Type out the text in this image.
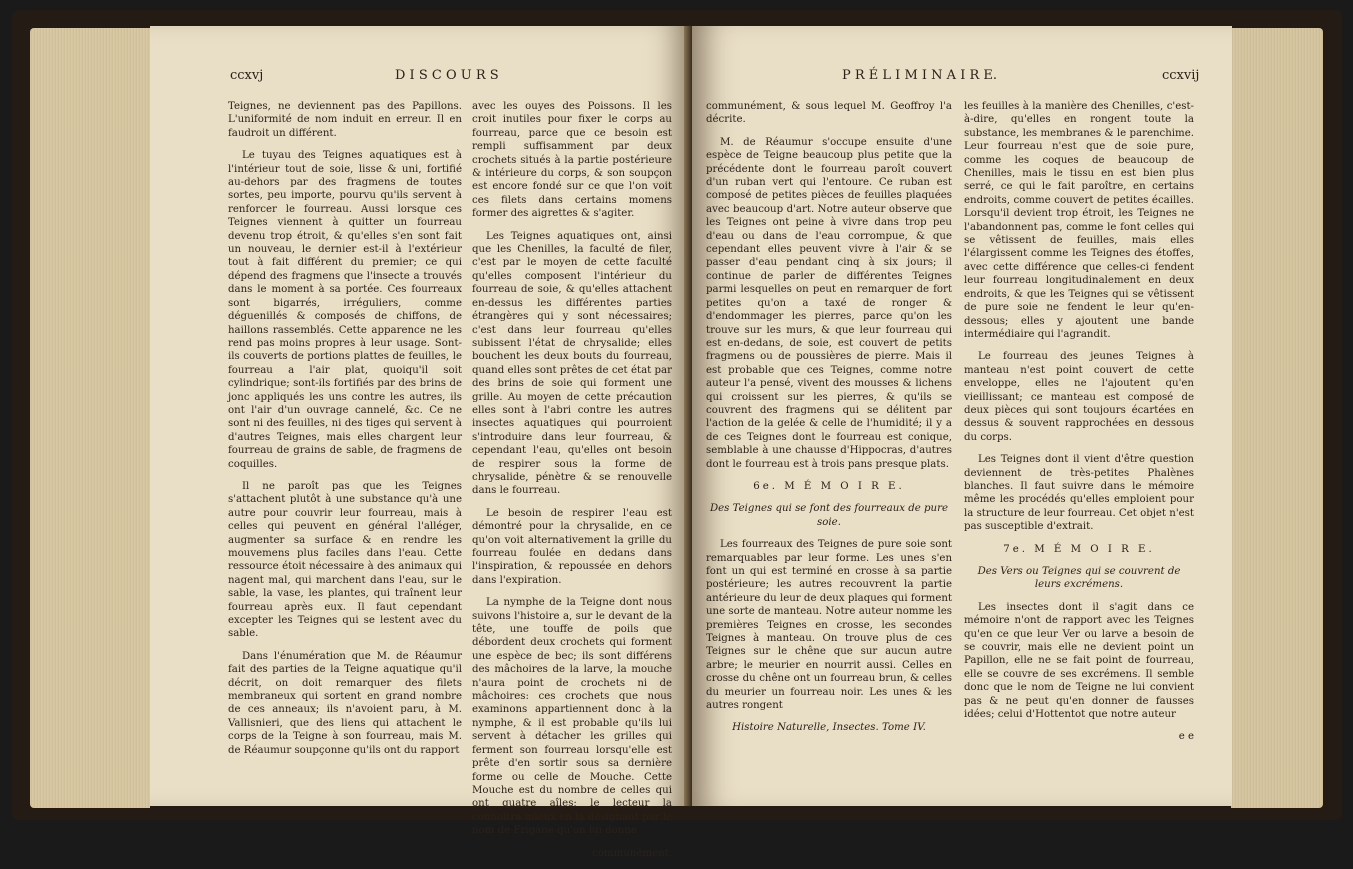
ccxvj	D I S C O U R S

Teignes, ne deviennent pas des Papillons. L'uniformité de nom induit en erreur. Il en faudroit un différent.

Le tuyau des Teignes aquatiques est à l'intérieur tout de soie, lisse & uni, fortifié au-dehors par des fragmens de toutes sortes, peu importe, pourvu qu'ils servent à renforcer le fourreau. Aussi lorsque ces Teignes viennent à quitter un fourreau devenu trop étroit, & qu'elles s'en sont fait un nouveau, le dernier est-il à l'extérieur tout à fait différent du premier; ce qui dépend des fragmens que l'insecte a trouvés dans le moment à sa portée. Ces fourreaux sont bigarrés, irréguliers, comme déguenillés & composés de chiffons, de haillons rassemblés. Cette apparence ne les rend pas moins propres à leur usage. Sont-ils couverts de portions plattes de feuilles, le fourreau a l'air plat, quoiqu'il soit cylindrique; sont-ils fortifiés par des brins de jonc appliqués les uns contre les autres, ils ont l'air d'un ouvrage cannelé, &c. Ce ne sont ni des feuilles, ni des tiges qui servent à d'autres Teignes, mais elles chargent leur fourreau de grains de sable, de fragmens de coquilles.

Il ne paroît pas que les Teignes s'attachent plutôt à une substance qu'à une autre pour couvrir leur fourreau, mais à celles qui peuvent en général l'alléger, augmenter sa surface & en rendre les mouvemens plus faciles dans l'eau. Cette ressource étoit nécessaire à des animaux qui nagent mal, qui marchent dans l'eau, sur le sable, la vase, les plantes, qui traînent leur fourreau après eux. Il faut cependant excepter les Teignes qui se lestent avec du sable.

Dans l'énumération que M. de Réaumur fait des parties de la Teigne aquatique qu'il décrit, on doit remarquer des filets membraneux qui sortent en grand nombre de ces anneaux; ils n'avoient paru, à M. Vallisnieri, que des liens qui attachent le corps de la Teigne à son fourreau, mais M. de Réaumur soupçonne qu'ils ont du rapport

avec les ouyes des Poissons. Il les croit inutiles pour fixer le corps au fourreau, parce que ce besoin est rempli suffisamment par deux crochets situés à la partie postérieure & intérieure du corps, & son soupçon est encore fondé sur ce que l'on voit ces filets dans certains momens former des aigrettes & s'agiter.

Les Teignes aquatiques ont, ainsi que les Chenilles, la faculté de filer, c'est par le moyen de cette faculté qu'elles composent l'intérieur du fourreau de soie, & qu'elles attachent en-dessus les différentes parties étrangères qui y sont nécessaires; c'est dans leur fourreau qu'elles subissent l'état de chrysalide; elles bouchent les deux bouts du fourreau, quand elles sont prêtes de cet état par des brins de soie qui forment une grille. Au moyen de cette précaution elles sont à l'abri contre les autres insectes aquatiques qui pourroient s'introduire dans leur fourreau, & cependant l'eau, qu'elles ont besoin de respirer sous la forme de chrysalide, pénètre & se renouvelle dans le fourreau.

Le besoin de respirer l'eau est démontré pour la chrysalide, en ce qu'on voit alternativement la grille du fourreau foulée en dedans dans l'inspiration, & repoussée en dehors dans l'expiration.

La nymphe de la Teigne dont nous suivons l'histoire a, sur le devant de la tête, une touffe de poils que débordent deux crochets qui forment une espèce de bec; ils sont différens des mâchoires de la larve, la mouche n'aura point de crochets ni de mâchoires: ces crochets que nous examinons appartiennent donc à la nymphe, & il est probable qu'ils lui servent à détacher les grilles qui ferment son fourreau lorsqu'elle est prête d'en sortir sous sa dernière forme ou celle de Mouche. Cette Mouche est du nombre de celles qui ont quatre aîles; le lecteur la connoîtra mieux en la désignant par le nom de Frigane qu'on lui donne

communément,

P R É L I M I N A I R E.	ccxvij

communément, & sous lequel M. Geoffroy l'a décrite.

M. de Réaumur s'occupe ensuite d'une espèce de Teigne beaucoup plus petite que la précédente dont le fourreau paroît couvert d'un ruban vert qui l'entoure. Ce ruban est composé de petites pièces de feuilles plaquées avec beaucoup d'art. Notre auteur observe que les Teignes ont peine à vivre dans trop peu d'eau ou dans de l'eau corrompue, & que cependant elles peuvent vivre à l'air & se passer d'eau pendant cinq à six jours; il continue de parler de différentes Teignes parmi lesquelles on peut en remarquer de fort petites qu'on a taxé de ronger & d'endommager les pierres, parce qu'on les trouve sur les murs, & que leur fourreau qui est en-dedans, de soie, est couvert de petits fragmens ou de poussières de pierre. Mais il est probable que ces Teignes, comme notre auteur l'a pensé, vivent des mousses & lichens qui croissent sur les pierres, & qu'ils se couvrent des fragmens qui se délitent par l'action de la gelée & celle de l'humidité; il y a de ces Teignes dont le fourreau est conique, semblable à une chausse d'Hippocras, d'autres dont le fourreau est à trois pans presque plats.

6e. M É M O I R E.

Des Teignes qui se font des fourreaux de pure soie.

Les fourreaux des Teignes de pure soie sont remarquables par leur forme. Les unes s'en font un qui est terminé en crosse à sa partie postérieure; les autres recouvrent la partie antérieure du leur de deux plaques qui forment une sorte de manteau. Notre auteur nomme les premières Teignes en crosse, les secondes Teignes à manteau. On trouve plus de ces Teignes sur le chêne que sur aucun autre arbre; le meurier en nourrit aussi. Celles en crosse du chêne ont un fourreau brun, & celles du meurier un fourreau noir. Les unes & les autres rongent

Histoire Naturelle, Insectes. Tome IV.

les feuilles à la manière des Chenilles, c'est-à-dire, qu'elles en rongent toute la substance, les membranes & le parenchime. Leur fourreau n'est que de soie pure, comme les coques de beaucoup de Chenilles, mais le tissu en est bien plus serré, ce qui le fait paroître, en certains endroits, comme couvert de petites écailles. Lorsqu'il devient trop étroit, les Teignes ne l'abandonnent pas, comme le font celles qui se vêtissent de feuilles, mais elles l'élargissent comme les Teignes des étoffes, avec cette différence que celles-ci fendent leur fourreau longitudinalement en deux endroits, & que les Teignes qui se vêtissent de pure soie ne fendent le leur qu'en-dessous; elles y ajoutent une bande intermédiaire qui l'agrandit.

Le fourreau des jeunes Teignes à manteau n'est point couvert de cette enveloppe, elles ne l'ajoutent qu'en vieillissant; ce manteau est composé de deux pièces qui sont toujours écartées en dessus & souvent rapprochées en dessous du corps.

Les Teignes dont il vient d'être question deviennent de très-petites Phalènes blanches. Il faut suivre dans le mémoire même les procédés qu'elles emploient pour la structure de leur fourreau. Cet objet n'est pas susceptible d'extrait.

7e. M É M O I R E.

Des Vers ou Teignes qui se couvrent de leurs excrémens.

Les insectes dont il s'agit dans ce mémoire n'ont de rapport avec les Teignes qu'en ce que leur Ver ou larve a besoin de se couvrir, mais elle ne devient point un Papillon, elle ne se fait point de fourreau, elle se couvre de ses excrémens. Il semble donc que le nom de Teigne ne lui convient pas & ne peut qu'en donner de fausses idées; celui d'Hottentot que notre auteur

e e
